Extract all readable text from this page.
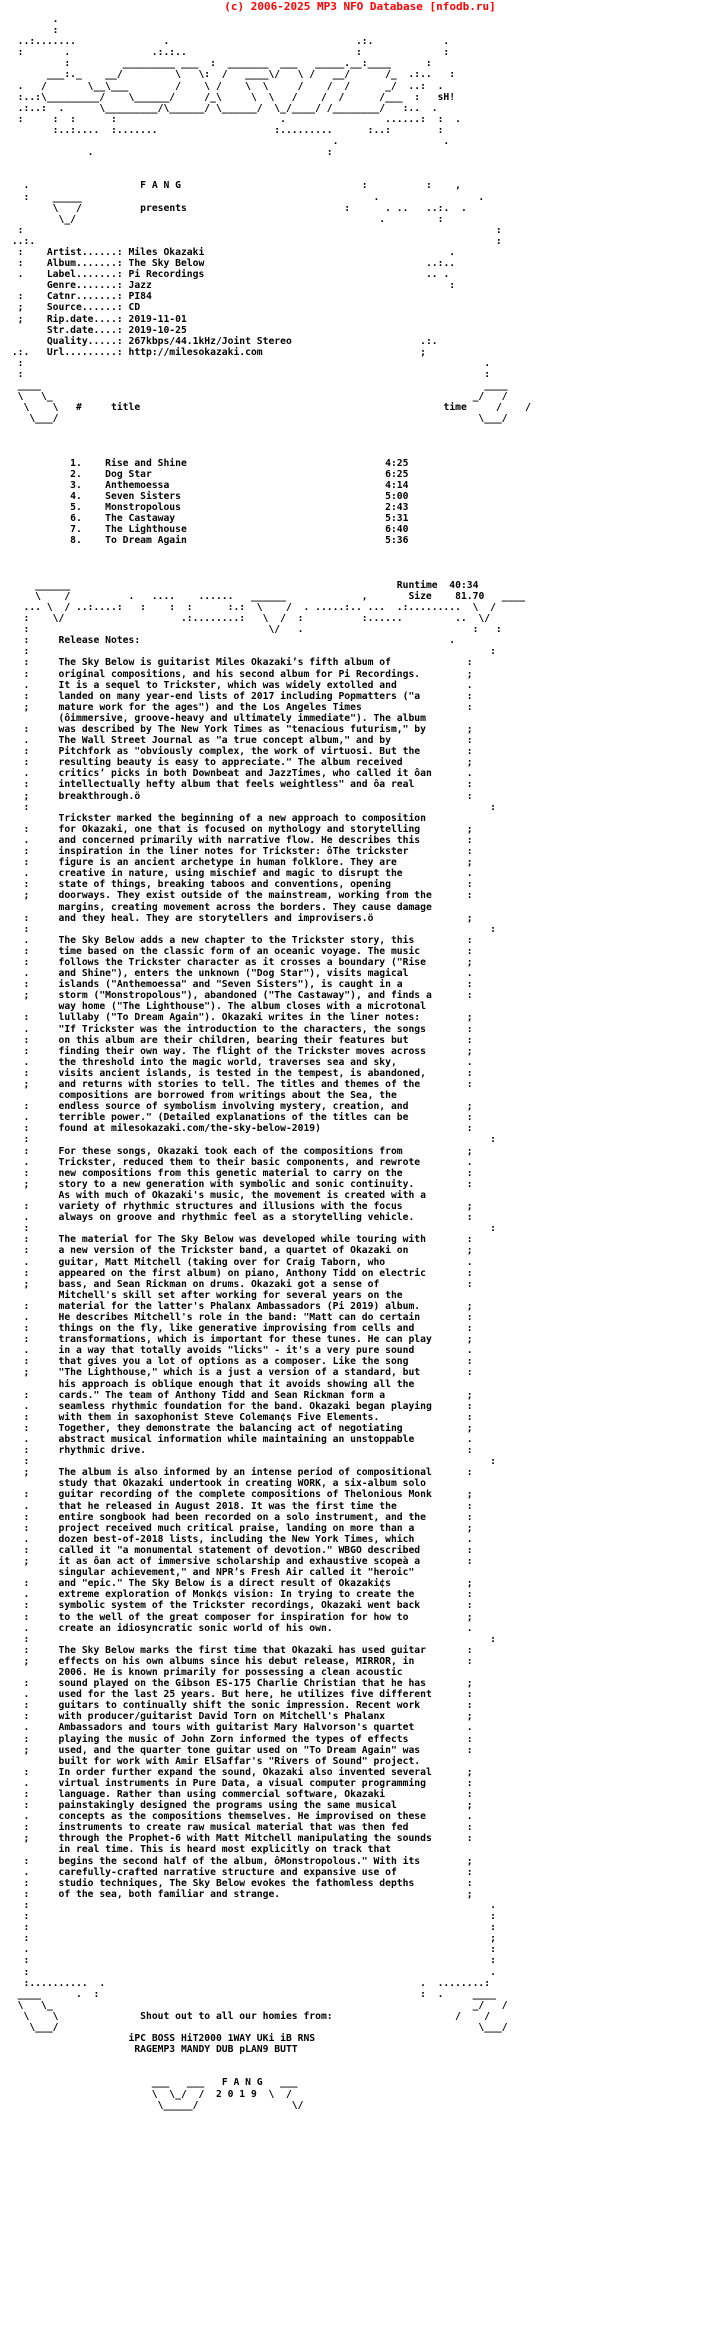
(c) 2006-2025 MP3 NFO Database [nfodb.ru]
.
:
..:.......               .                                .:.            .
:       .              .:.:..                             :              :
:         _________ ___  :  _______  ___   _____.__:____      :
___:._    __/         \   \:  /   ____\/   \ /   __/      /_  .:..   :
.   /       \__\___        /    \ /    \  \     /    /  /      _/  ..:  .
:..:\_________/    \______/     /_\     \  \   /    /  /      /___  :   sH!
.:..:  .      \_________/\______/ \______/  \_/____/ /________/   :..  .
:     :  :      :                            .                 ......:  :  .
:..:....  :.......                    :.........      :..:        :
.                  .
.                                        :

.	F A N G	:          :    ,
:    _____                                                  .                 .
\   /	presents	:      . ..   ..:.  .
\_/                                                    .         :
:                                                                                 :
..:.                                                                               :
:    Artist......: Miles Okazaki	.
:    Album.......: The Sky Below	..:..
.    Label.......: Pi Recordings	.. .
Genre.......: Jazz	:
:    Catnr.......: PI84
;    Source......: CD
;    Rip.date....: 2019-11-01
Str.date....: 2019-10-25
Quality.....: 267kbps/44.1kHz/Joint Stereo	.:.
.:.   Url.........: http://milesokazaki.com	;
:                                                                               .
:                                                                               :
____                                                                            ____
\   \_                                                                        _/   /
\    \   #	title	time	/    /
\___/                                                                        \___/

1.    Rise and Shine	4:25
2.    Dog Star	6:25
3.    Anthemoessa	4:14
4.    Seven Sisters	5:00
5.    Monstropolous	2:43
6.    The Castaway	5:31
7.    The Lighthouse	6:40
8.    To Dream Again	5:36

______	Runtime 40:34
\    /          .   ....    ......   ______             ,	Size 81.70   ____
... \  / ..:....:   :    :  :      :.:  \    /  . .....:.. ...  .:.........  \  /
:    \/                    .:........:   \  /  :          :......         ..  \/
:                                         \/   .                             :   :
:	Release Notes:	.
:                                                                               :
:	The Sky Below is guitarist Miles Okazaki’s fifth album of	:
:	original compositions, and his second album for Pi Recordings.	;
.	It is a sequel to Trickster, which was widely extolled and	.
:	landed on many year-end lists of 2017 including Popmatters ("a	:
;	mature work for the ages") and the Los Angeles Times	:
(ôimmersive, groove-heavy and ultimately immediate"). The album
:	was described by The New York Times as "tenacious futurism," by	;
.	The Wall Street Journal as "a true concept album," and by	:
:	Pitchfork as "obviously complex, the work of virtuosi. But the	:
:	resulting beauty is easy to appreciate." The album received	;
.	critics’ picks in both Downbeat and JazzTimes, who called it ôan	.
:	intellectually hefty album that feels weightless" and ôa real	:
;	breakthrough.ö	:
:                                                                               :
Trickster marked the beginning of a new approach to composition
:	for Okazaki, one that is focused on mythology and storytelling	;
.	and concerned primarily with narrative flow. He describes this	:
:	inspiration in the liner notes for Trickster: ôThe trickster	:
:	figure is an ancient archetype in human folklore. They are	;
.	creative in nature, using mischief and magic to disrupt the	.
:	state of things, breaking taboos and conventions, opening	:
;	doorways. They exist outside of the mainstream, working from the	:
margins, creating movement across the borders. They cause damage
:	and they heal. They are storytellers and improvisers.ö	;
:                                                                               :
.	The Sky Below adds a new chapter to the Trickster story, this	:
:	time based on the classic form of an oceanic voyage. The music	:
:	follows the Trickster character as it crosses a boundary ("Rise	;
.	and Shine"), enters the unknown ("Dog Star"), visits magical	.
:	islands ("Anthemoessa" and "Seven Sisters"), is caught in a	:
;	storm ("Monstropolous"), abandoned ("The Castaway"), and finds a	:
way home ("The Lighthouse"). The album closes with a microtonal
:	lullaby ("To Dream Again"). Okazaki writes in the liner notes:	;
.	"If Trickster was the introduction to the characters, the songs	:
:	on this album are their children, bearing their features but	:
:	finding their own way. The flight of the Trickster moves across	;
.	the threshold into the magic world, traverses sea and sky,	.
:	visits ancient islands, is tested in the tempest, is abandoned,	:
;	and returns with stories to tell. The titles and themes of the	:
compositions are borrowed from writings about the Sea, the
:	endless source of symbolism involving mystery, creation, and	;
.	terrible power." (Detailed explanations of the titles can be	:
:	found at milesokazaki.com/the-sky-below-2019)	:
:                                                                               :
:	For these songs, Okazaki took each of the compositions from	;
.	Trickster, reduced them to their basic components, and rewrote	.
:	new compositions from this genetic material to carry on the	:
;	story to a new generation with symbolic and sonic continuity.	:
As with much of Okazaki's music, the movement is created with a
:	variety of rhythmic structures and illusions with the focus	;
.	always on groove and rhythmic feel as a storytelling vehicle.	:
:                                                                               :
:	The material for The Sky Below was developed while touring with	:
:	a new version of the Trickster band, a quartet of Okazaki on	;
.	guitar, Matt Mitchell (taking over for Craig Taborn, who	.
:	appeared on the first album) on piano, Anthony Tidd on electric	:
;	bass, and Sean Rickman on drums. Okazaki got a sense of	:
Mitchell's skill set after working for several years on the
:	material for the latter's Phalanx Ambassadors (Pi 2019) album.	;
.	He describes Mitchell's role in the band: "Matt can do certain	:
:	things on the fly, like generative improvising from cells and	:
:	transformations, which is important for these tunes. He can play	;
.	in a way that totally avoids "licks" - it's a very pure sound	.
:	that gives you a lot of options as a composer. Like the song	:
;	"The Lighthouse," which is a just a version of a standard, but	:
his approach is oblique enough that it avoids showing all the
:	cards." The team of Anthony Tidd and Sean Rickman form a	;
.	seamless rhythmic foundation for the band. Okazaki began playing	:
:	with them in saxophonist Steve Coleman¢s Five Elements.	:
:	Together, they demonstrate the balancing act of negotiating	;
.	abstract musical information while maintaining an unstoppable	.
:	rhythmic drive.	:
:                                                                               :
;	The album is also informed by an intense period of compositional	:
study that Okazaki undertook in creating WORK, a six-album solo
:	guitar recording of the complete compositions of Thelonious Monk	;
.	that he released in August 2018. It was the first time the	:
:	entire songbook had been recorded on a solo instrument, and the	:
:	project received much critical praise, landing on more than a	;
.	dozen best-of-2018 lists, including the New York Times, which	.
:	called it "a monumental statement of devotion." WBGO described	:
;	it as ôan act of immersive scholarship and exhaustive scopeà a	:
singular achievement," and NPR’s Fresh Air called it "heroic"
:	and "epic." The Sky Below is a direct result of Okazaki¢s	;
.	extreme exploration of Monk¢s vision: In trying to create the	:
:	symbolic system of the Trickster recordings, Okazaki went back	:
:	to the well of the great composer for inspiration for how to	;
.	create an idiosyncratic sonic world of his own.	.
:                                                                               :
:	The Sky Below marks the first time that Okazaki has used guitar	:
;	effects on his own albums since his debut release, MIRROR, in	:
2006. He is known primarily for possessing a clean acoustic
:	sound played on the Gibson ES-175 Charlie Christian that he has	;
.	used for the last 25 years. But here, he utilizes five different	:
:	guitars to continually shift the sonic impression. Recent work	:
:	with producer/guitarist David Torn on Mitchell's Phalanx	;
.	Ambassadors and tours with guitarist Mary Halvorson's quartet	.
:	playing the music of John Zorn informed the types of effects	:
;	used, and the quarter tone guitar used on "To Dream Again" was	:
built for work with Amir ElSaffar's "Rivers of Sound" project.
:	In order further expand the sound, Okazaki also invented several	;
.	virtual instruments in Pure Data, a visual computer programming	:
:	language. Rather than using commercial software, Okazaki	:
:	painstakingly designed the programs using the same musical	;
.	concepts as the compositions themselves. He improvised on these	.
:	instruments to create raw musical material that was then fed	:
;	through the Prophet-6 with Matt Mitchell manipulating the sounds	:
in real time. This is heard most explicitly on track that
:	begins the second half of the album, ôMonstropolous." With its	;
.	carefully-crafted narrative structure and expansive use of	:
:	studio techniques, The Sky Below evokes the fathomless depths	:
:	of the sea, both familiar and strange.	;
:                                                                               .
:                                                                               :
:                                                                               :
:                                                                               ;
.                                                                               :
:                                                                               :
:                                                                               .
:..........  .                                                      .  ........:
____      .  :                                                       :  .     ____
\   \_                                                                        _/   /
\    \	Shout out to all our homies from:	/    /
\___/                                                                        \___/
iPC BOSS HiT2000 1WAY UKi iB RNS
RAGEMP3 MANDY DUB pLAN9 BUTT

___   ___   F A N G   ___
\  \_/  /  2 0 1 9  \  /
\_____/                \/
